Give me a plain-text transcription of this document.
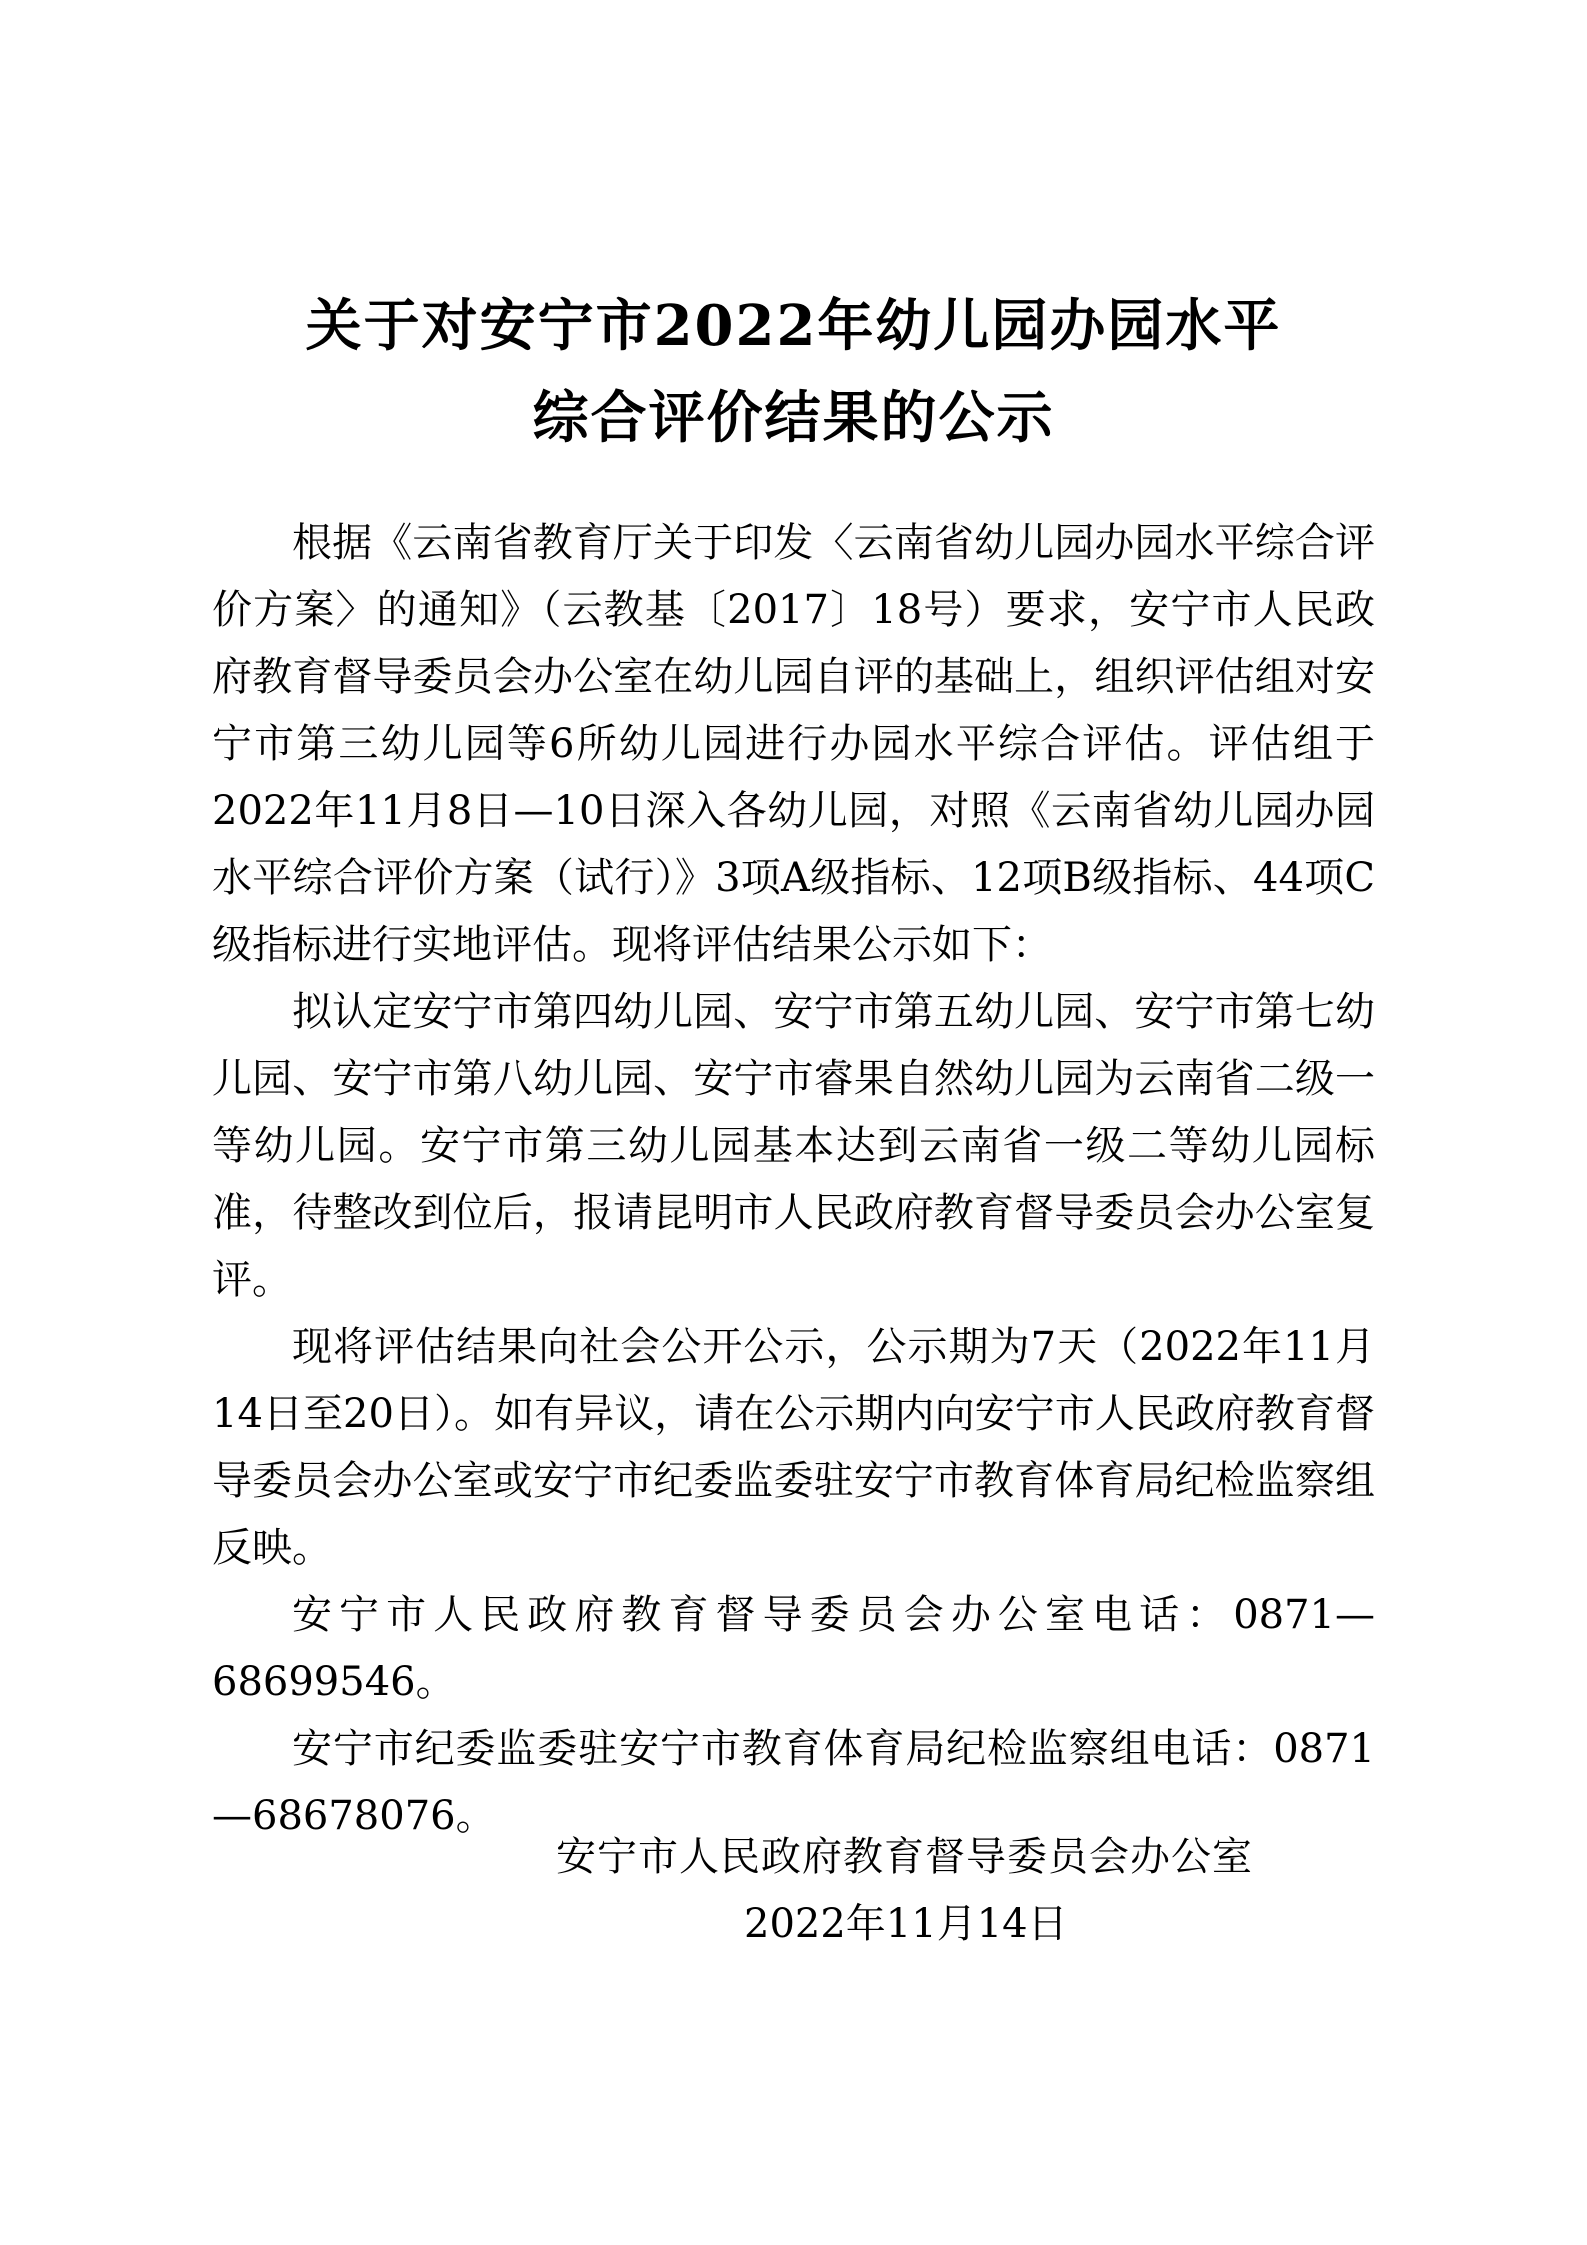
关于对安宁市2022年幼儿园办园水平
综合评价结果的公示

根据《云南省教育厅关于印发〈云南省幼儿园办园水平综合评价方案〉的通知》（云教基〔2017〕18号）要求，安宁市人民政府教育督导委员会办公室在幼儿园自评的基础上，组织评估组对安宁市第三幼儿园等6所幼儿园进行办园水平综合评估。评估组于2022年11月8日—10日深入各幼儿园，对照《云南省幼儿园办园水平综合评价方案（试行）》3项A级指标、12项B级指标、44项C级指标进行实地评估。现将评估结果公示如下：

拟认定安宁市第四幼儿园、安宁市第五幼儿园、安宁市第七幼儿园、安宁市第八幼儿园、安宁市睿果自然幼儿园为云南省二级一等幼儿园。安宁市第三幼儿园基本达到云南省一级二等幼儿园标准，待整改到位后，报请昆明市人民政府教育督导委员会办公室复评。

现将评估结果向社会公开公示，公示期为7天（2022年11月14日至20日）。如有异议，请在公示期内向安宁市人民政府教育督导委员会办公室或安宁市纪委监委驻安宁市教育体育局纪检监察组反映。

安宁市人民政府教育督导委员会办公室电话：0871—68699546。

安宁市纪委监委驻安宁市教育体育局纪检监察组电话：0871—68678076。

安宁市人民政府教育督导委员会办公室
2022年11月14日
